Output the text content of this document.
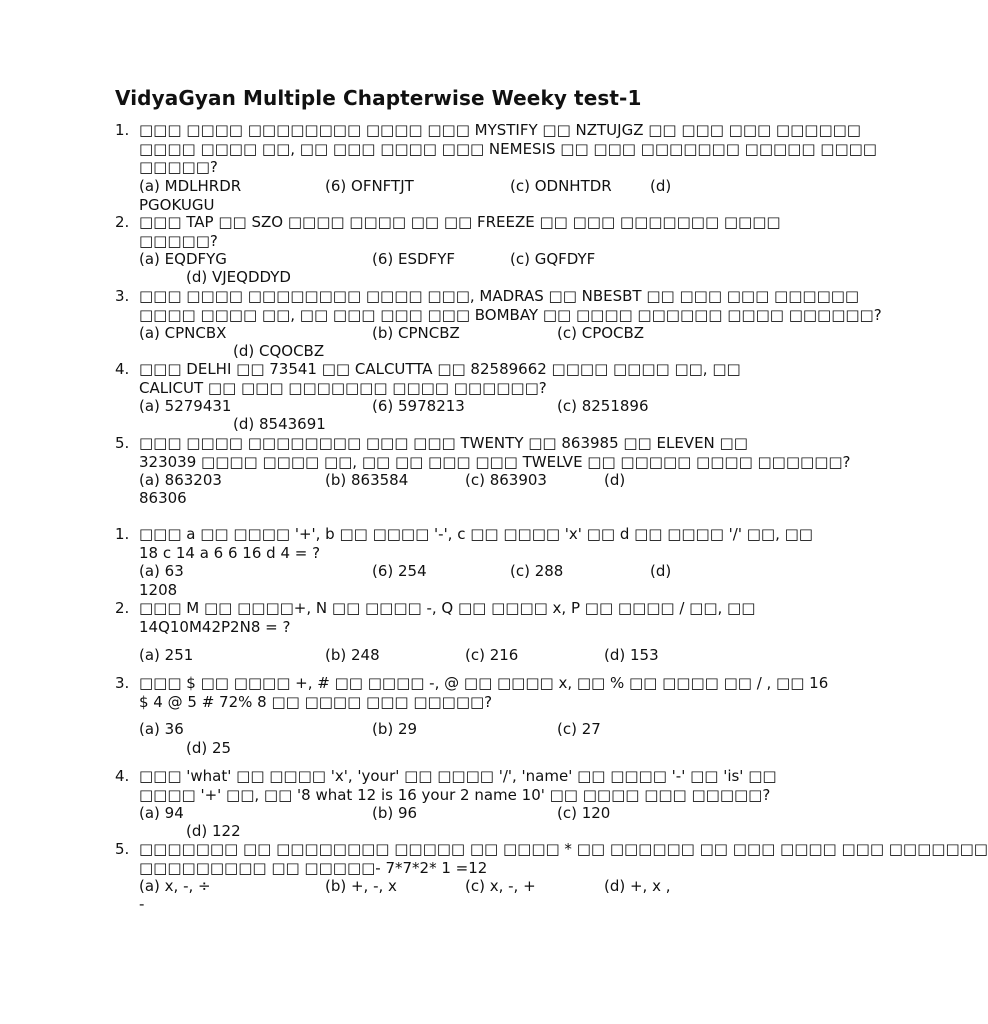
VidyaGyan Multiple Chapterwise Weeky test-1
1. □□□ □□□□ □□□□□□□□ □□□□ □□□ MYSTIFY □□ NZTUJGZ □□ □□□ □□□ □□□□□□
□□□□ □□□□ □□, □□ □□□ □□□□ □□□ NEMESIS □□ □□□ □□□□□□□ □□□□□ □□□□
□□□□□?
(a) MDLHRDR	(6) OFNFTJT	(c) ODNHTDR	(d)
PGOKUGU
2. □□□ TAP □□ SZO □□□□ □□□□ □□ □□ FREEZE □□ □□□ □□□□□□□ □□□□
□□□□□?
(a) EQDFYG	(6) ESDFYF	(c) GQFDYF
(d) VJEQDDYD
3. □□□ □□□□ □□□□□□□□ □□□□ □□□, MADRAS □□ NBESBT □□ □□□ □□□ □□□□□□
□□□□ □□□□ □□, □□ □□□ □□□ □□□ BOMBAY □□ □□□□ □□□□□□ □□□□ □□□□□□?
(a) CPNCBX	(b) CPNCBZ	(c) CPOCBZ
(d) CQOCBZ
4. □□□ DELHI □□ 73541 □□ CALCUTTA □□ 82589662 □□□□ □□□□ □□, □□
CALICUT □□ □□□ □□□□□□□ □□□□ □□□□□□?
(a) 5279431	(6) 5978213	(c) 8251896
(d) 8543691
5. □□□ □□□□ □□□□□□□□ □□□ □□□ TWENTY □□ 863985 □□ ELEVEN □□
323039 □□□□ □□□□ □□, □□ □□ □□□ □□□ TWELVE □□ □□□□□ □□□□ □□□□□□?
(a) 863203	(b) 863584	(c) 863903	(d)
86306
1. □□□ a □□ □□□□ '+', b □□ □□□□ '-', c □□ □□□□ 'x' □□ d □□ □□□□ '/' □□, □□
18 c 14 a 6 6 16 d 4 = ?
(a) 63	(6) 254	(c) 288	(d)
1208
2. □□□ M □□ □□□□+, N □□ □□□□ -, Q □□ □□□□ x, P □□ □□□□ / □□, □□
14Q10M42P2N8 = ?
(a) 251	(b) 248	(c) 216	(d) 153
3. □□□ $ □□ □□□□ +, # □□ □□□□ -, @ □□ □□□□ x, □□ % □□ □□□□ □□ / , □□ 16
$ 4 @ 5 # 72% 8 □□ □□□□ □□□ □□□□□?
(a) 36	(b) 29	(c) 27
(d) 25
4. □□□ 'what' □□ □□□□ 'x', 'your' □□ □□□□ '/', 'name' □□ □□□□ '-' □□ 'is' □□
□□□□ '+' □□, □□ '8 what 12 is 16 your 2 name 10' □□ □□□□ □□□ □□□□□?
(a) 94	(b) 96	(c) 120
(d) 122
5. □□□□□□□ □□ □□□□□□□□ □□□□□ □□ □□□□ * □□ □□□□□□ □□ □□□ □□□□ □□□ □□□□□□□
□□□□□□□□□ □□ □□□□□- 7*7*2* 1 =12
(a) x, -, ÷	(b) +, -, x	(c) x, -, +	(d) +, x ,
-
